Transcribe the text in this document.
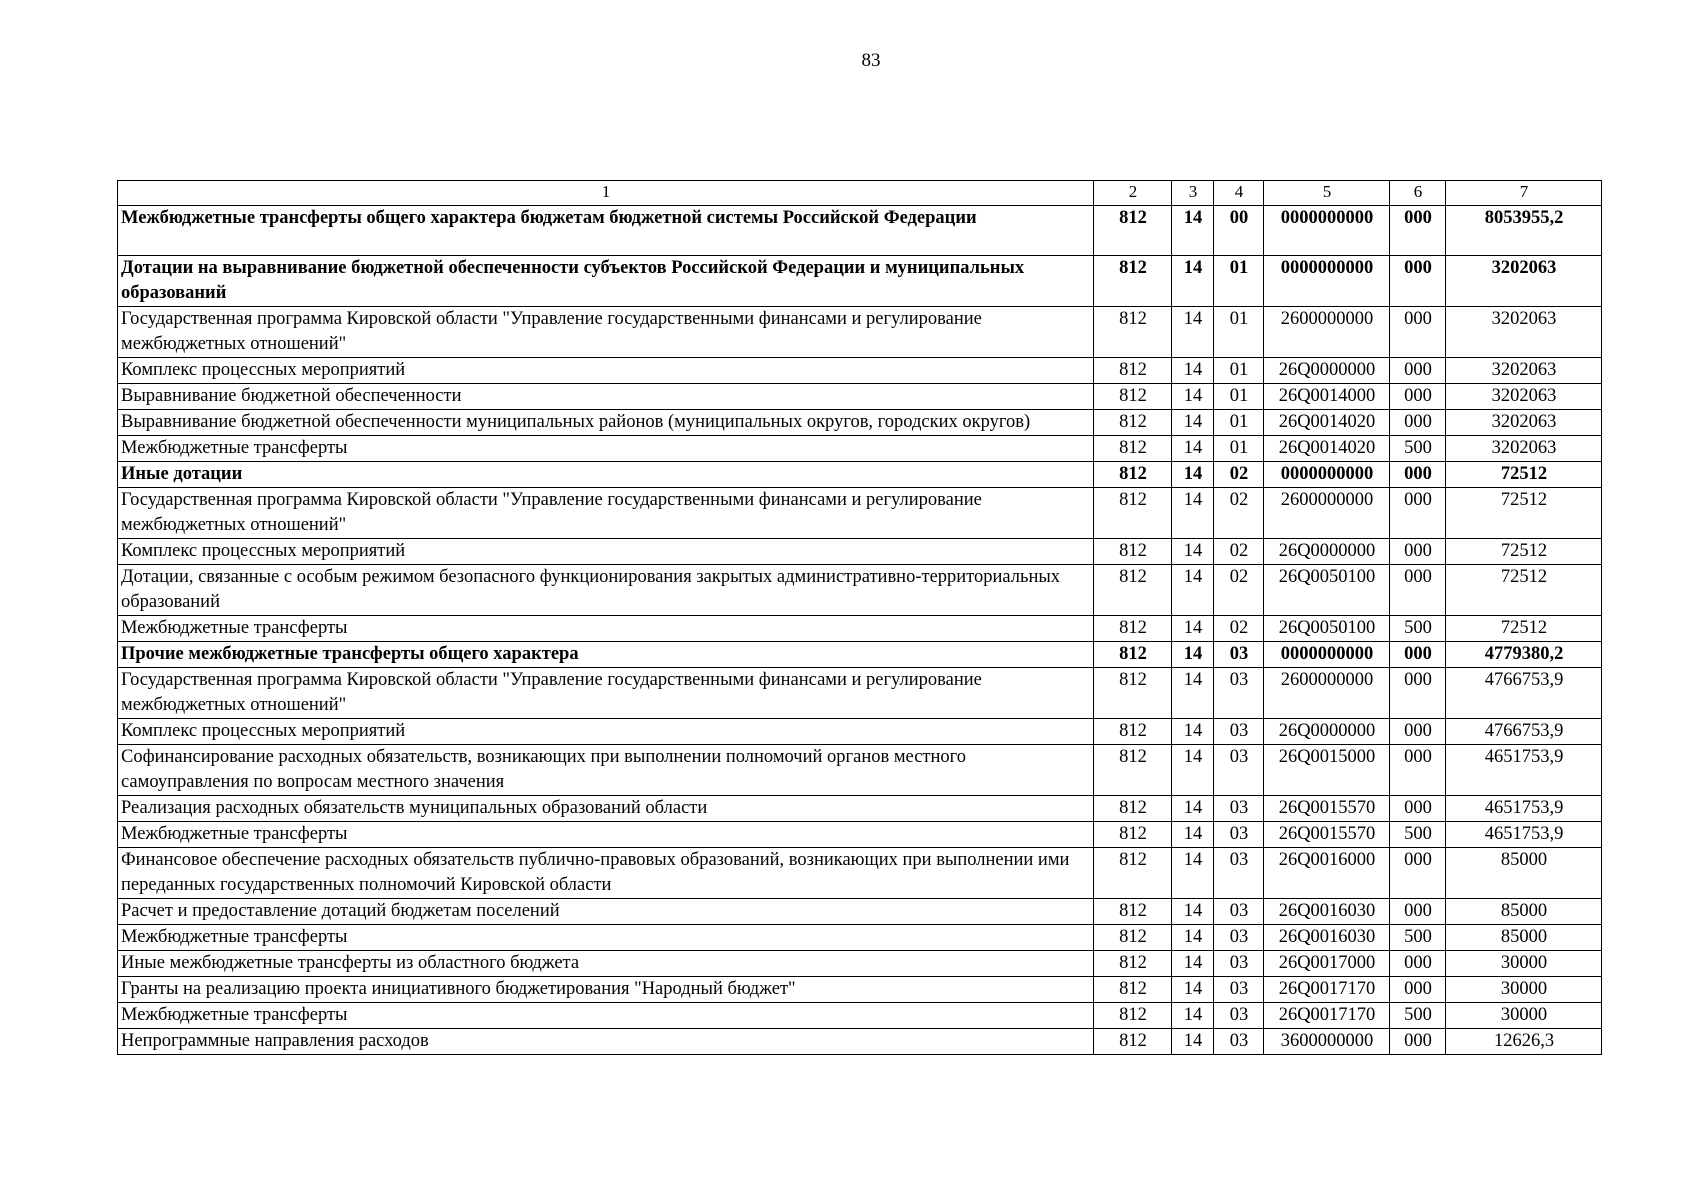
83
1	2	3	4	5	6	7
Межбюджетные трансферты общего характера бюджетам бюджетной системы Российской Федерации	812	14	00	0000000000	000	8053955,2
Дотации на выравнивание бюджетной обеспеченности субъектов Российской Федерации и муниципальных образований	812	14	01	0000000000	000	3202063
Государственная программа Кировской области "Управление государственными финансами и регулирование межбюджетных отношений"	812	14	01	2600000000	000	3202063
Комплекс процессных мероприятий	812	14	01	26Q0000000	000	3202063
Выравнивание бюджетной обеспеченности	812	14	01	26Q0014000	000	3202063
Выравнивание бюджетной обеспеченности муниципальных районов (муниципальных округов, городских округов)	812	14	01	26Q0014020	000	3202063
Межбюджетные трансферты	812	14	01	26Q0014020	500	3202063
Иные дотации	812	14	02	0000000000	000	72512
Государственная программа Кировской области "Управление государственными финансами и регулирование межбюджетных отношений"	812	14	02	2600000000	000	72512
Комплекс процессных мероприятий	812	14	02	26Q0000000	000	72512
Дотации, связанные с особым режимом безопасного функционирования закрытых административно-территориальных образований	812	14	02	26Q0050100	000	72512
Межбюджетные трансферты	812	14	02	26Q0050100	500	72512
Прочие межбюджетные трансферты общего характера	812	14	03	0000000000	000	4779380,2
Государственная программа Кировской области "Управление государственными финансами и регулирование межбюджетных отношений"	812	14	03	2600000000	000	4766753,9
Комплекс процессных мероприятий	812	14	03	26Q0000000	000	4766753,9
Софинансирование расходных обязательств, возникающих при выполнении полномочий органов местного самоуправления по вопросам местного значения	812	14	03	26Q0015000	000	4651753,9
Реализация расходных обязательств муниципальных образований области	812	14	03	26Q0015570	000	4651753,9
Межбюджетные трансферты	812	14	03	26Q0015570	500	4651753,9
Финансовое обеспечение расходных обязательств публично-правовых образований, возникающих при выполнении ими переданных государственных полномочий Кировской области	812	14	03	26Q0016000	000	85000
Расчет и предоставление дотаций бюджетам поселений	812	14	03	26Q0016030	000	85000
Межбюджетные трансферты	812	14	03	26Q0016030	500	85000
Иные межбюджетные трансферты из областного бюджета	812	14	03	26Q0017000	000	30000
Гранты на реализацию проекта инициативного бюджетирования "Народный бюджет"	812	14	03	26Q0017170	000	30000
Межбюджетные трансферты	812	14	03	26Q0017170	500	30000
Непрограммные направления расходов	812	14	03	3600000000	000	12626,3
